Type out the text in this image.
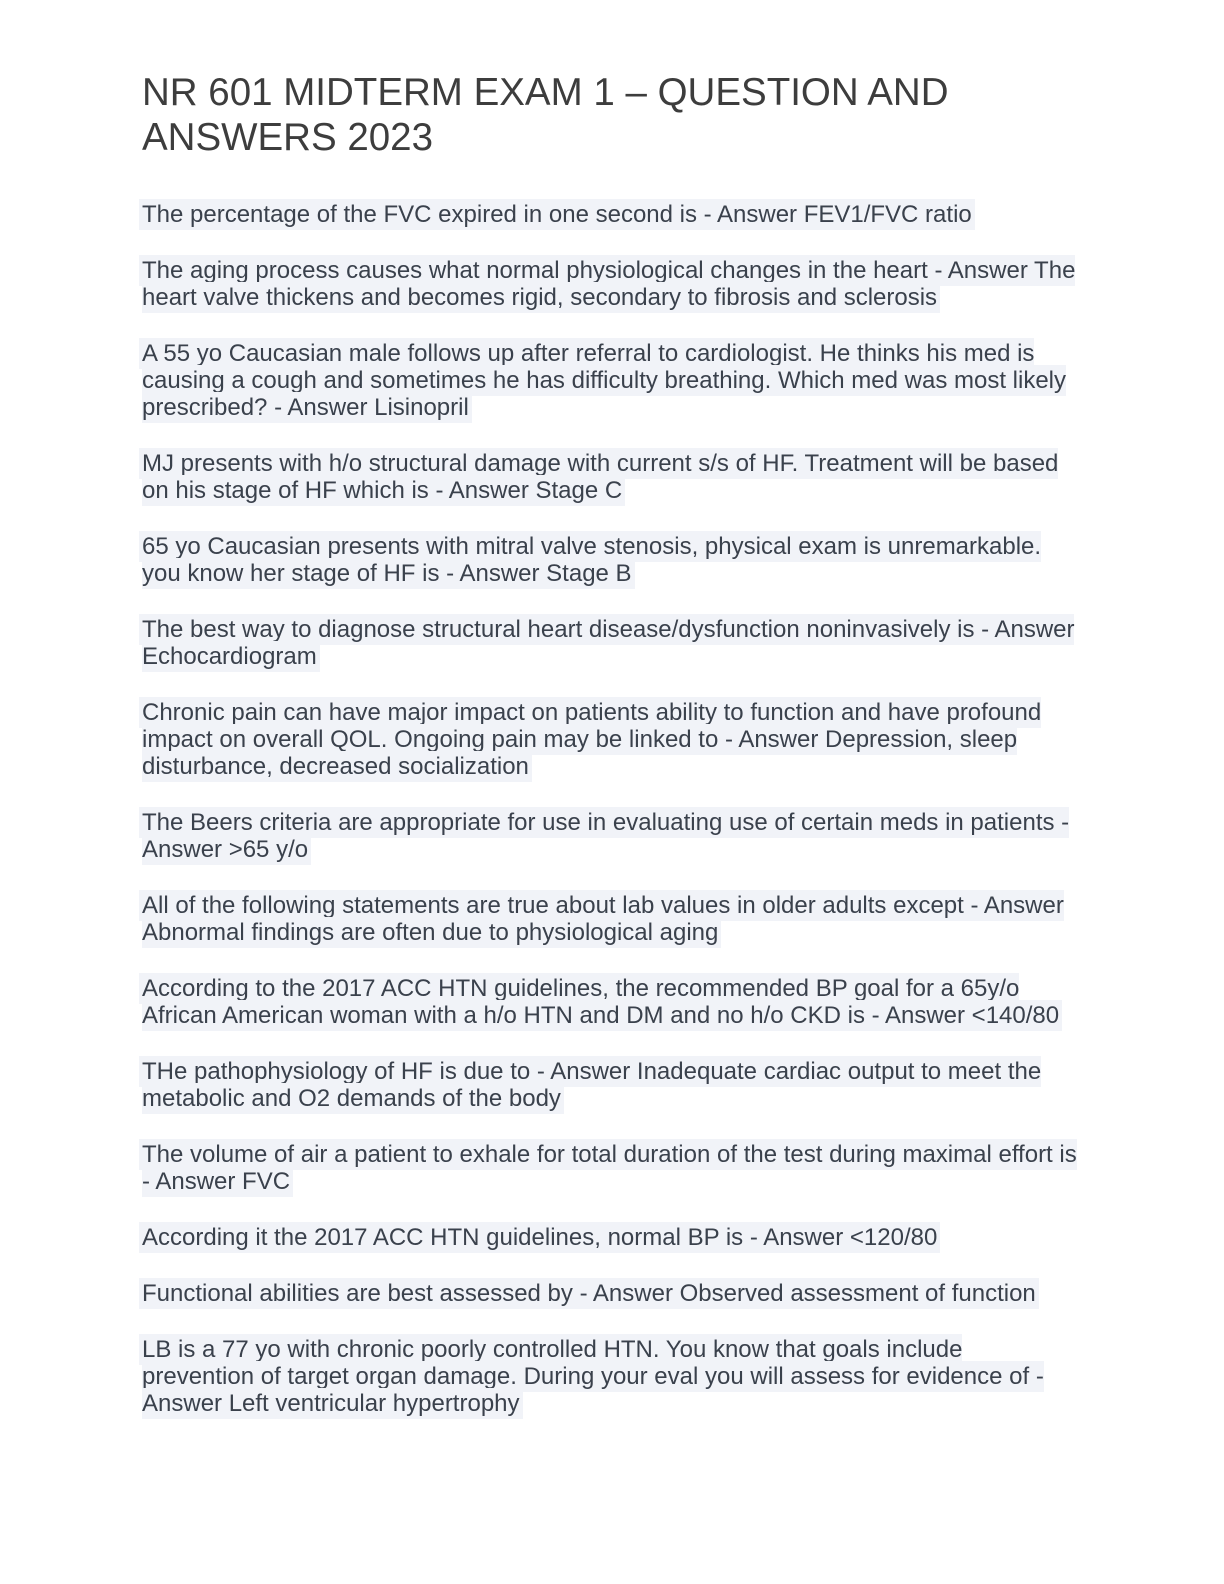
NR 601 MIDTERM EXAM 1 – QUESTION AND ANSWERS 2023

The percentage of the FVC expired in one second is - Answer FEV1/FVC ratio

The aging process causes what normal physiological changes in the heart - Answer The heart valve thickens and becomes rigid, secondary to fibrosis and sclerosis

A 55 yo Caucasian male follows up after referral to cardiologist. He thinks his med is causing a cough and sometimes he has difficulty breathing. Which med was most likely prescribed? - Answer Lisinopril

MJ presents with h/o structural damage with current s/s of HF. Treatment will be based on his stage of HF which is - Answer Stage C

65 yo Caucasian presents with mitral valve stenosis, physical exam is unremarkable. you know her stage of HF is - Answer Stage B

The best way to diagnose structural heart disease/dysfunction noninvasively is - Answer Echocardiogram

Chronic pain can have major impact on patients ability to function and have profound impact on overall QOL. Ongoing pain may be linked to - Answer Depression, sleep disturbance, decreased socialization

The Beers criteria are appropriate for use in evaluating use of certain meds in patients - Answer >65 y/o

All of the following statements are true about lab values in older adults except - Answer Abnormal findings are often due to physiological aging

According to the 2017 ACC HTN guidelines, the recommended BP goal for a 65y/o African American woman with a h/o HTN and DM and no h/o CKD is - Answer <140/80

THe pathophysiology of HF is due to - Answer Inadequate cardiac output to meet the metabolic and O2 demands of the body

The volume of air a patient to exhale for total duration of the test during maximal effort is - Answer FVC

According it the 2017 ACC HTN guidelines, normal BP is - Answer <120/80

Functional abilities are best assessed by - Answer Observed assessment of function

LB is a 77 yo with chronic poorly controlled HTN. You know that goals include prevention of target organ damage. During your eval you will assess for evidence of - Answer Left ventricular hypertrophy
